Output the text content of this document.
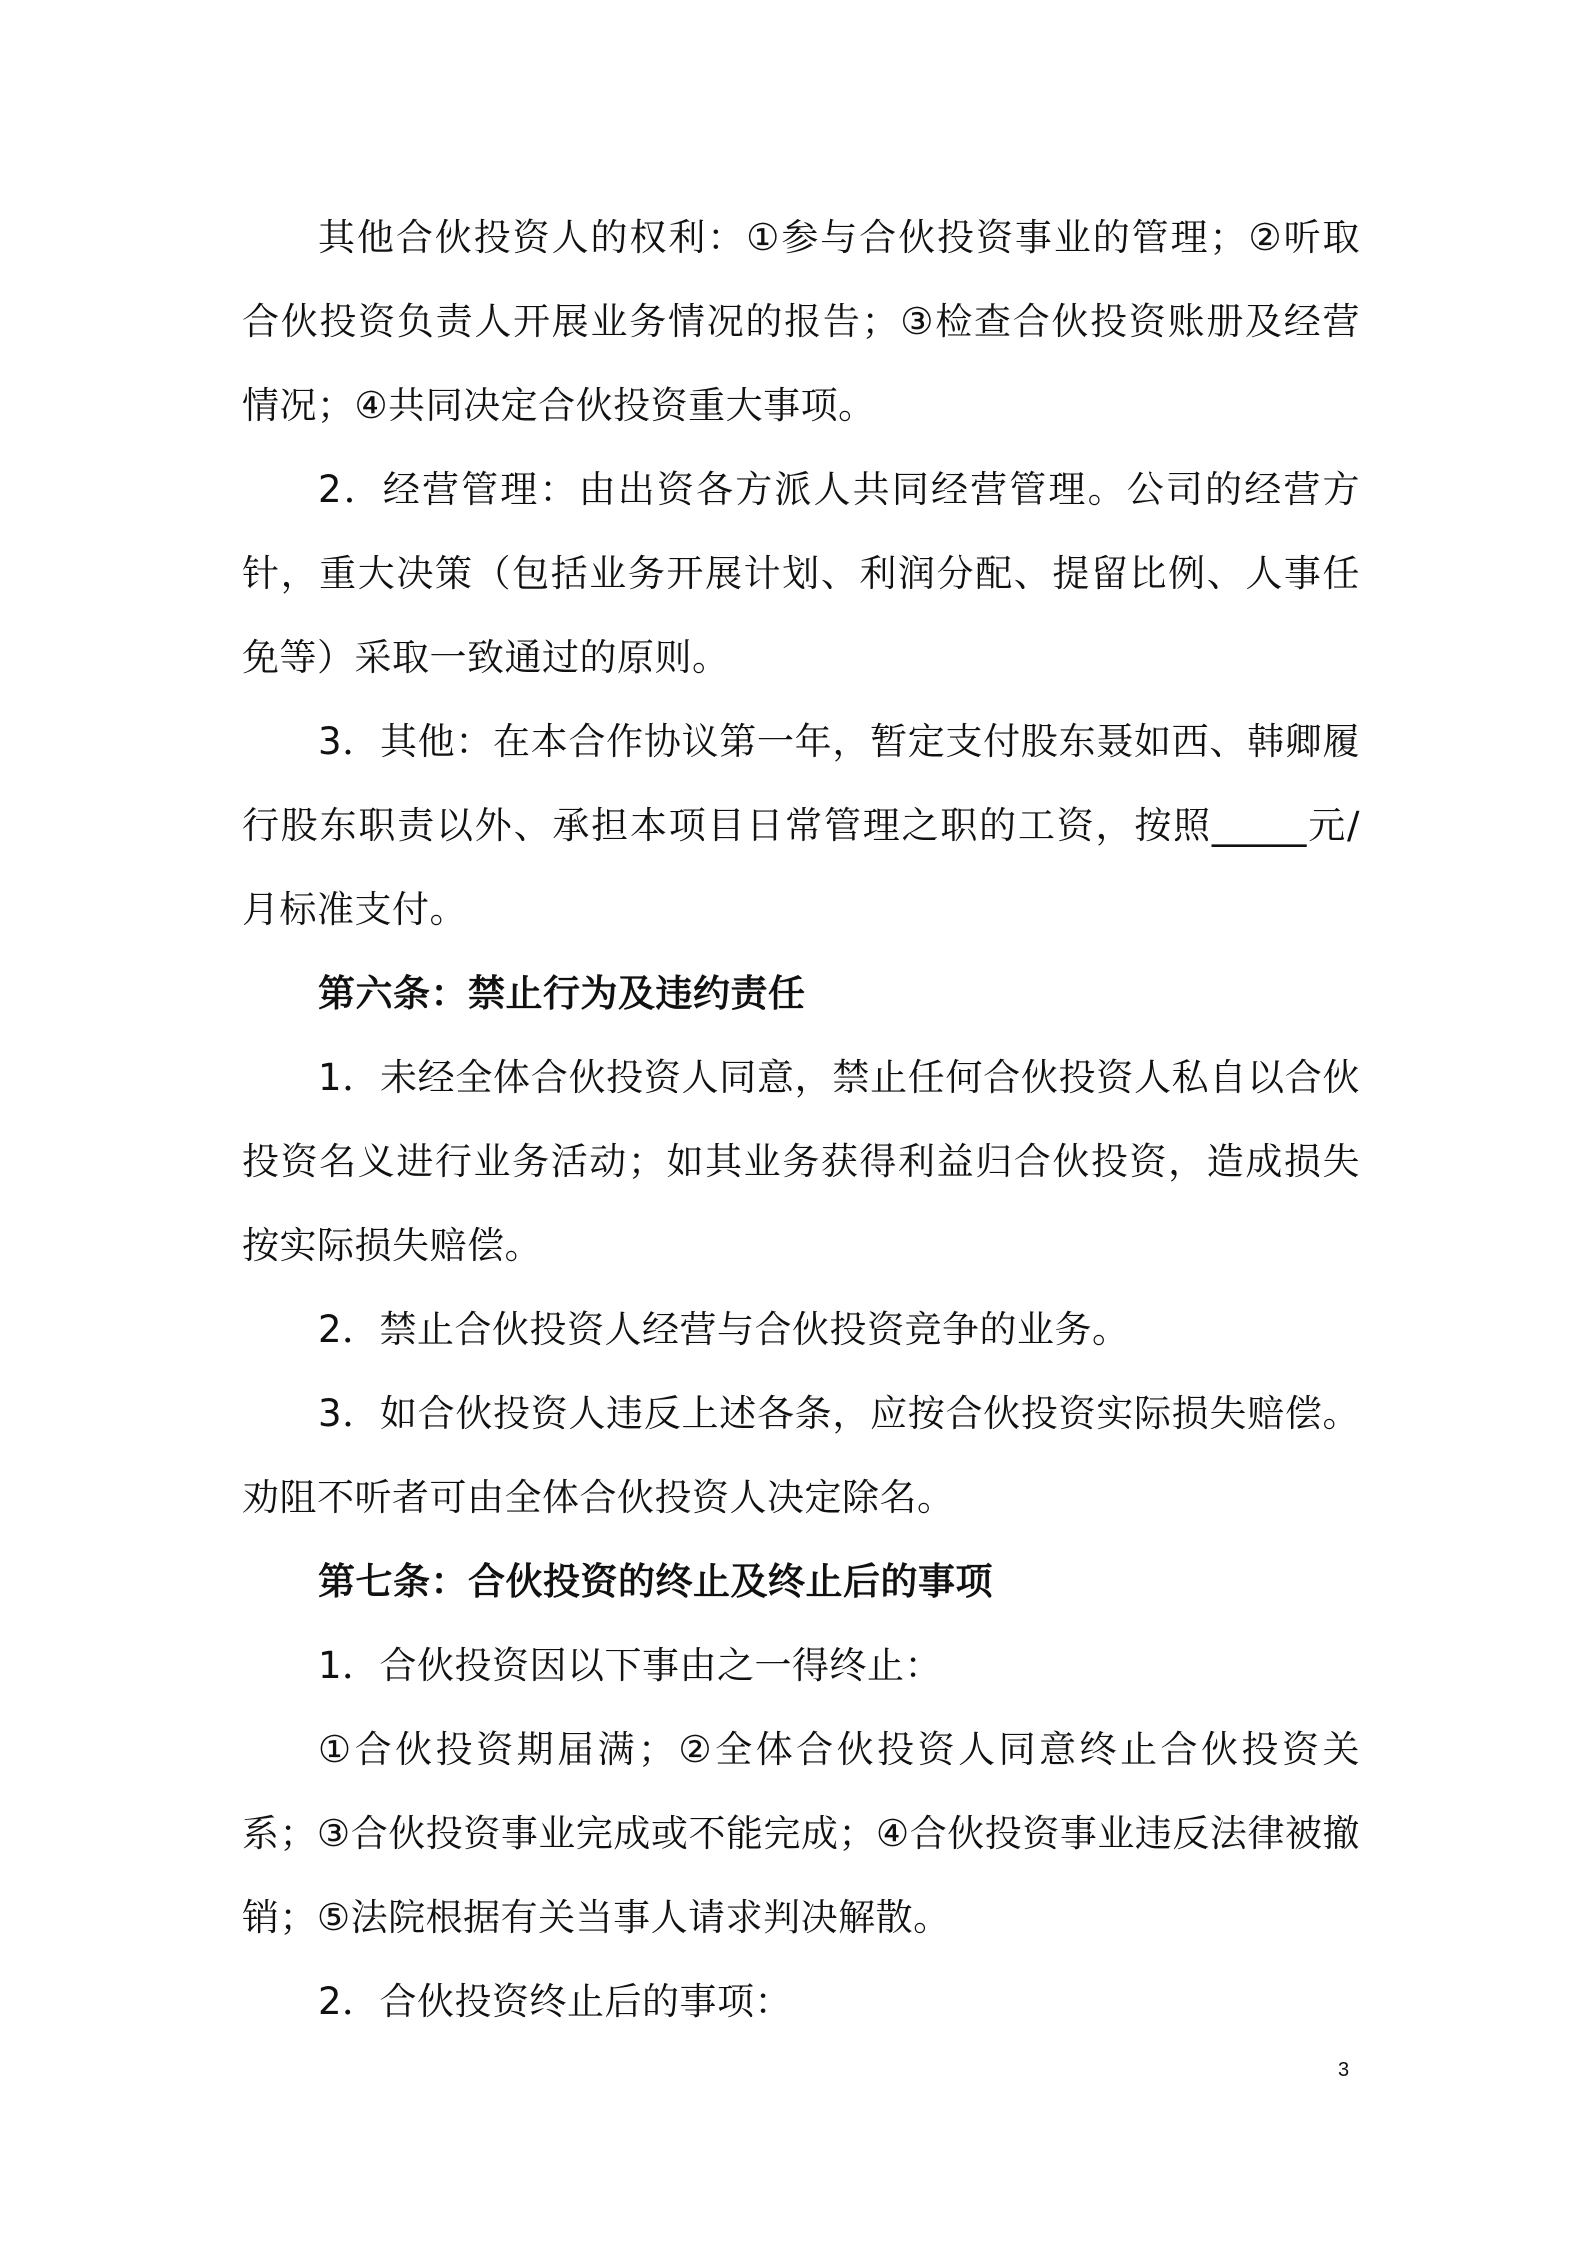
其他合伙投资人的权利：①参与合伙投资事业的管理；②听取合伙投资负责人开展业务情况的报告；③检查合伙投资账册及经营情况；④共同决定合伙投资重大事项。

2．经营管理：由出资各方派人共同经营管理。公司的经营方针，重大决策（包括业务开展计划、利润分配、提留比例、人事任免等）采取一致通过的原则。

3．其他：在本合作协议第一年，暂定支付股东聂如西、韩卿履行股东职责以外、承担本项目日常管理之职的工资，按照_____元/月标准支付。

第六条：禁止行为及违约责任

1．未经全体合伙投资人同意，禁止任何合伙投资人私自以合伙投资名义进行业务活动；如其业务获得利益归合伙投资，造成损失按实际损失赔偿。

2．禁止合伙投资人经营与合伙投资竞争的业务。

3．如合伙投资人违反上述各条，应按合伙投资实际损失赔偿。劝阻不听者可由全体合伙投资人决定除名。

第七条：合伙投资的终止及终止后的事项

1．合伙投资因以下事由之一得终止：

①合伙投资期届满；②全体合伙投资人同意终止合伙投资关系；③合伙投资事业完成或不能完成；④合伙投资事业违反法律被撤销；⑤法院根据有关当事人请求判决解散。

2．合伙投资终止后的事项：

3
